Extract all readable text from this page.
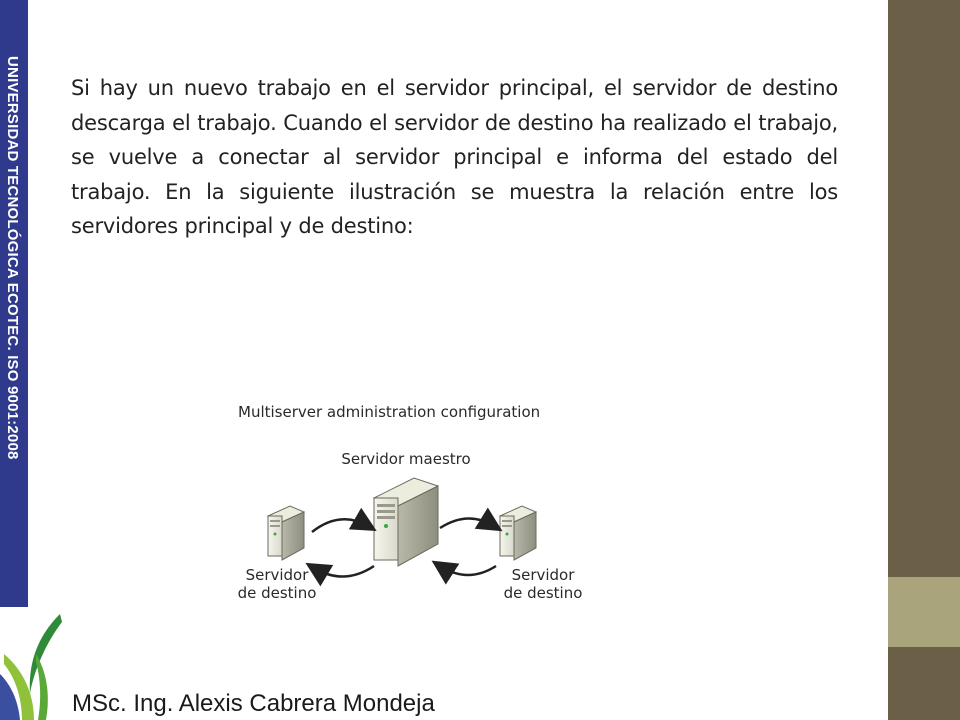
UNIVERSIDAD TECNOLÓGICA ECOTEC. ISO 9001:2008 Si hay un nuevo trabajo en el servidor principal, el servidor de destino descarga el trabajo. Cuando el servidor de destino ha realizado el trabajo, se vuelve a conectar al servidor principal e informa del estado del trabajo. En la siguiente ilustración se muestra la relación entre los servidores principal y de destino:
Multiserver administration configuration
Servidor maestro
Servidor
de destino
Servidor
de destino
MSc. Ing. Alexis Cabrera Mondeja
